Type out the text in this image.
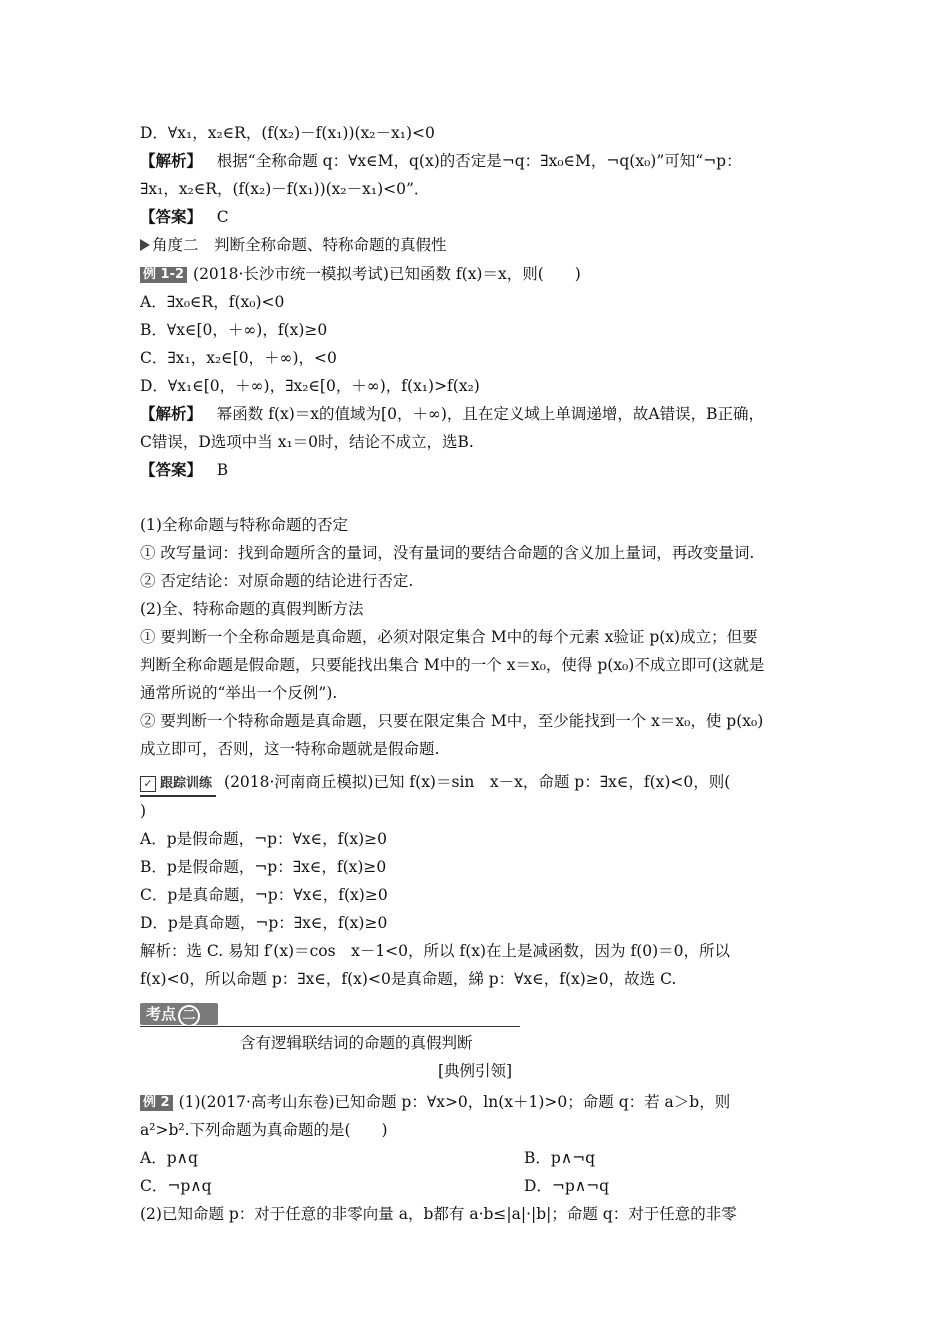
D．∀x₁，x₂∈R，(f(x₂)－f(x₁))(x₂－x₁)<0
【解析】 根据“全称命题 q：∀x∈M，q(x)的否定是¬q：∃x₀∈M，¬q(x₀)”可知“¬p：
∃x₁，x₂∈R，(f(x₂)－f(x₁))(x₂－x₁)<0”．
【答案】 C
角度二　判断全称命题、特称命题的真假性
例 1-2 (2018·长沙市统一模拟考试)已知函数 f(x)＝x，则(　　)
A．∃x₀∈R，f(x₀)<0
B．∀x∈[0，＋∞)，f(x)≥0
C．∃x₁，x₂∈[0，＋∞)，<0
D．∀x₁∈[0，＋∞)，∃x₂∈[0，＋∞)，f(x₁)>f(x₂)
【解析】 幂函数 f(x)＝x的值域为[0，＋∞)，且在定义域上单调递增，故A错误，B正确，
C错误，D选项中当 x₁＝0时，结论不成立，选B.
【答案】 B
(1)全称命题与特称命题的否定
① 改写量词：找到命题所含的量词，没有量词的要结合命题的含义加上量词，再改变量词.
② 否定结论：对原命题的结论进行否定.
(2)全、特称命题的真假判断方法
① 要判断一个全称命题是真命题，必须对限定集合 M中的每个元素 x验证 p(x)成立；但要
判断全称命题是假命题，只要能找出集合 M中的一个 x＝x₀，使得 p(x₀)不成立即可(这就是
通常所说的“举出一个反例”).
② 要判断一个特称命题是真命题，只要在限定集合 M中，至少能找到一个 x＝x₀，使 p(x₀)
成立即可，否则，这一特称命题就是假命题.
✓ 跟踪训练 (2018·河南商丘模拟)已知 f(x)＝sin　x－x，命题 p：∃x∈，f(x)<0，则(
)
A．p是假命题，¬p：∀x∈，f(x)≥0
B．p是假命题，¬p：∃x∈，f(x)≥0
C．p是真命题，¬p：∀x∈，f(x)≥0
D．p是真命题，¬p：∃x∈，f(x)≥0
解析：选 C. 易知 f′(x)＝cos　x－1<0，所以 f(x)在上是减函数，因为 f(0)＝0，所以
f(x)<0，所以命题 p：∃x∈，f(x)<0是真命题，綈 p：∀x∈，f(x)≥0，故选 C.
考点 二
含有逻辑联结词的命题的真假判断
[典例引领]
例 2 (1)(2017·高考山东卷)已知命题 p：∀x>0，ln(x＋1)>0；命题 q：若 a＞b，则
a²>b².下列命题为真命题的是(　　)
A．p∧q	B．p∧¬q
C．¬p∧q	D．¬p∧¬q
(2)已知命题 p：对于任意的非零向量 a，b都有 a·b≤|a|·|b|；命题 q：对于任意的非零
